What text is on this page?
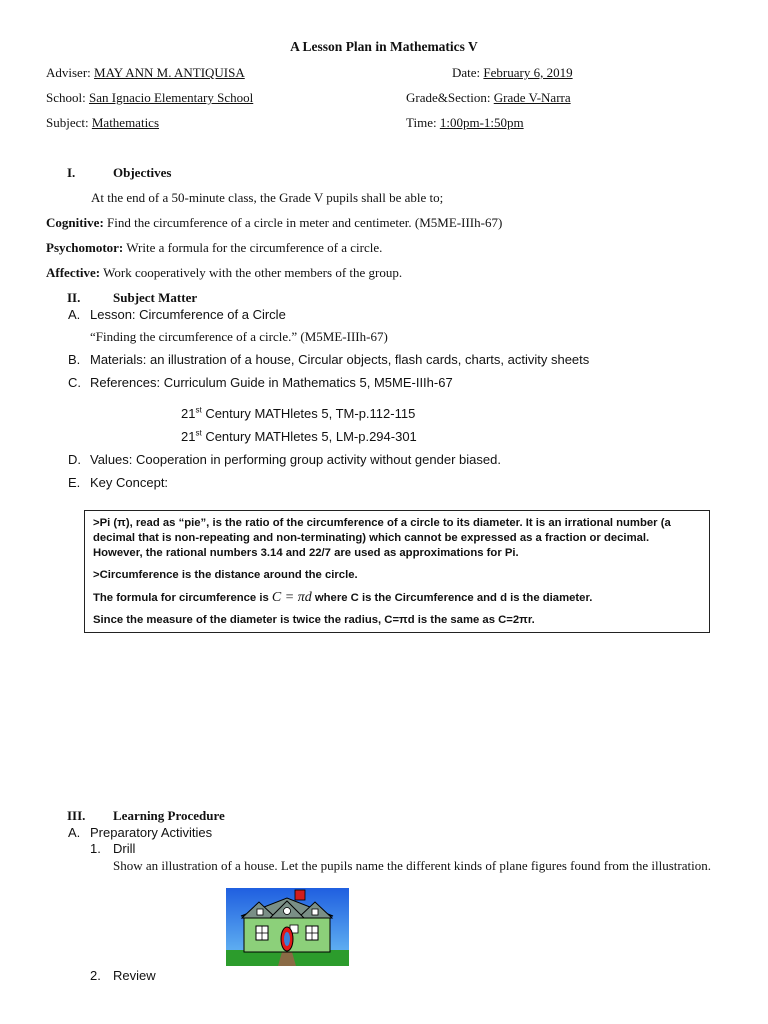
A Lesson Plan in Mathematics V
Adviser: MAY ANN M. ANTIQUISA	Date: February 6, 2019
School: San Ignacio Elementary School	Grade&Section: Grade V-Narra
Subject: Mathematics	Time: 1:00pm-1:50pm
I.	Objectives
At the end of a 50-minute class, the Grade V pupils shall be able to;
Cognitive: Find the circumference of a circle in meter and centimeter. (M5ME-IIIh-67)
Psychomotor: Write a formula for the circumference of a circle.
Affective: Work cooperatively with the other members of the group.
II.	Subject Matter
A. Lesson: Circumference of a Circle
“Finding the circumference of a circle.” (M5ME-IIIh-67)
B. Materials: an illustration of a house, Circular objects, flash cards, charts, activity sheets
C. References: Curriculum Guide in Mathematics 5, M5ME-IIIh-67
21st Century MATHletes 5, TM-p.112-115
21st Century MATHletes 5, LM-p.294-301
D. Values: Cooperation in performing group activity without gender biased.
E. Key Concept:

>Pi (π), read as “pie”, is the ratio of the circumference of a circle to its diameter. It is an irrational number (a decimal that is non-repeating and non-terminating) which cannot be expressed as a fraction or decimal. However, the rational numbers 3.14 and 22/7 are used as approximations for Pi.

>Circumference is the distance around the circle.

The formula for circumference is C = πd where C is the Circumference and d is the diameter.

Since the measure of the diameter is twice the radius, C=πd is the same as C=2πr.

III. Learning Procedure
A. Preparatory Activities
1. Drill
Show an illustration of a house. Let the pupils name the different kinds of plane figures found from the illustration.
2. Review
